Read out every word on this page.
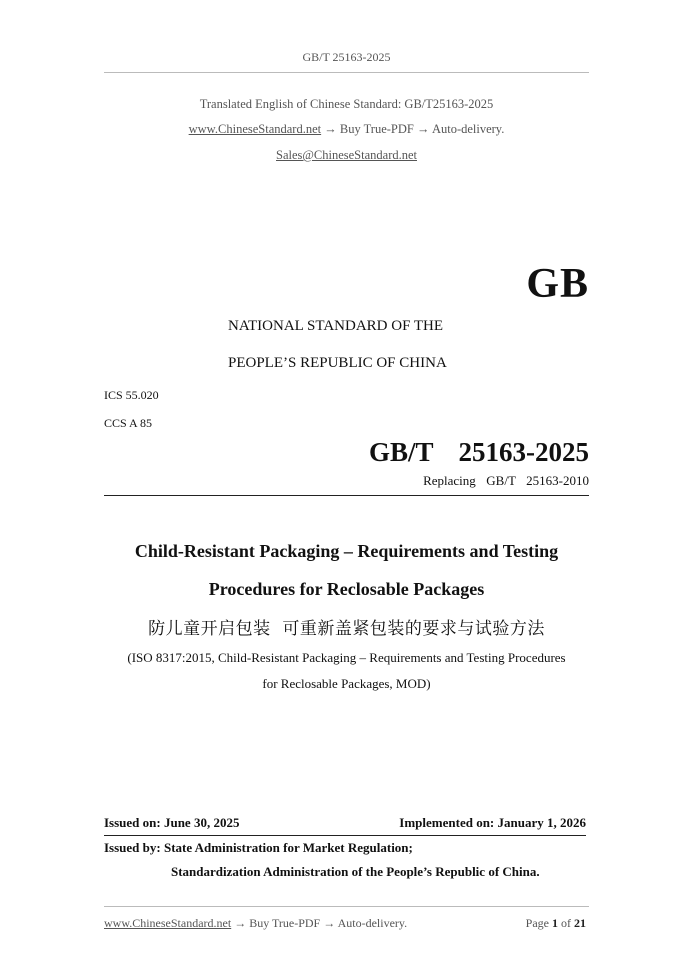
GB/T 25163-2025
Translated English of Chinese Standard: GB/T25163-2025
www.ChineseStandard.net → Buy True-PDF → Auto-delivery.
Sales@ChineseStandard.net
GB
NATIONAL STANDARD OF THE
PEOPLE’S REPUBLIC OF CHINA
ICS 55.020
CCS A 85
GB/T  25163-2025
Replacing  GB/T  25163-2010
Child-Resistant Packaging – Requirements and Testing
Procedures for Reclosable Packages
防儿童开启包装  可重新盖紧包装的要求与试验方法
(ISO 8317:2015, Child-Resistant Packaging – Requirements and Testing Procedures
for Reclosable Packages, MOD)
Issued on: June 30, 2025	Implemented on: January 1, 2026
Issued by: State Administration for Market Regulation;
Standardization Administration of the People’s Republic of China.
www.ChineseStandard.net → Buy True-PDF → Auto-delivery.	Page 1 of 21
